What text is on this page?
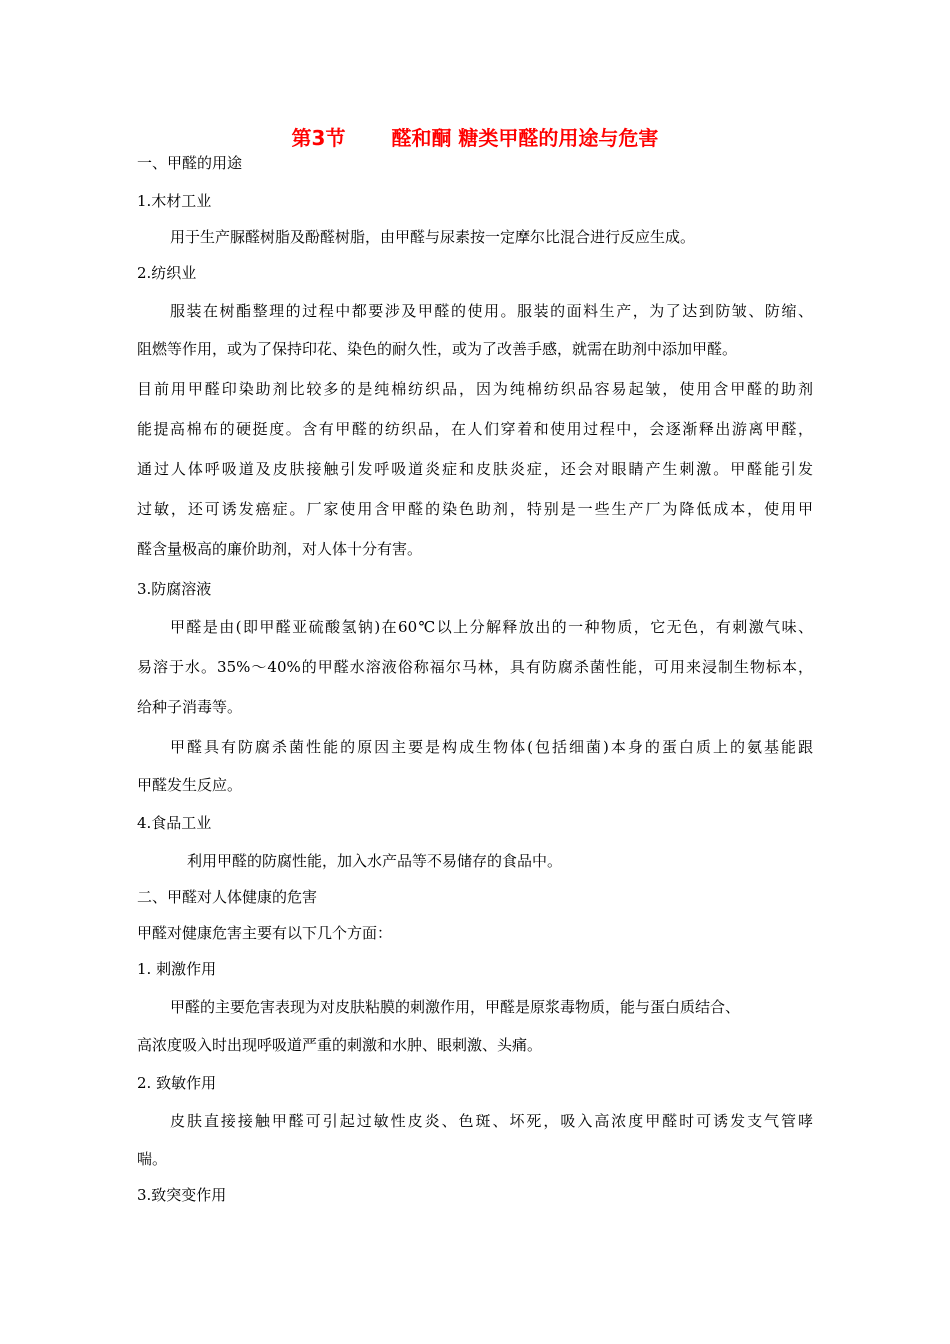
第3节 醛和酮 糖类甲醛的用途与危害

一、甲醛的用途

1.木材工业

用于生产脲醛树脂及酚醛树脂，由甲醛与尿素按一定摩尔比混合进行反应生成。

2.纺织业

服装在树酯整理的过程中都要涉及甲醛的使用。服装的面料生产，为了达到防皱、防缩、

阻燃等作用，或为了保持印花、染色的耐久性，或为了改善手感，就需在助剂中添加甲醛。

目前用甲醛印染助剂比较多的是纯棉纺织品，因为纯棉纺织品容易起皱，使用含甲醛的助剂

能提高棉布的硬挺度。含有甲醛的纺织品，在人们穿着和使用过程中，会逐渐释出游离甲醛，

通过人体呼吸道及皮肤接触引发呼吸道炎症和皮肤炎症，还会对眼睛产生刺激。甲醛能引发

过敏，还可诱发癌症。厂家使用含甲醛的染色助剂，特别是一些生产厂为降低成本，使用甲

醛含量极高的廉价助剂，对人体十分有害。

3.防腐溶液

甲醛是由(即甲醛亚硫酸氢钠)在60℃以上分解释放出的一种物质，它无色，有刺激气味、

易溶于水。35%～40%的甲醛水溶液俗称福尔马林，具有防腐杀菌性能，可用来浸制生物标本，

给种子消毒等。

甲醛具有防腐杀菌性能的原因主要是构成生物体(包括细菌)本身的蛋白质上的氨基能跟

甲醛发生反应。

4.食品工业

利用甲醛的防腐性能，加入水产品等不易储存的食品中。

二、甲醛对人体健康的危害

甲醛对健康危害主要有以下几个方面：

1. 刺激作用

甲醛的主要危害表现为对皮肤粘膜的刺激作用，甲醛是原浆毒物质，能与蛋白质结合、

高浓度吸入时出现呼吸道严重的刺激和水肿、眼刺激、头痛。

2. 致敏作用

皮肤直接接触甲醛可引起过敏性皮炎、色斑、坏死，吸入高浓度甲醛时可诱发支气管哮

喘。

3.致突变作用
